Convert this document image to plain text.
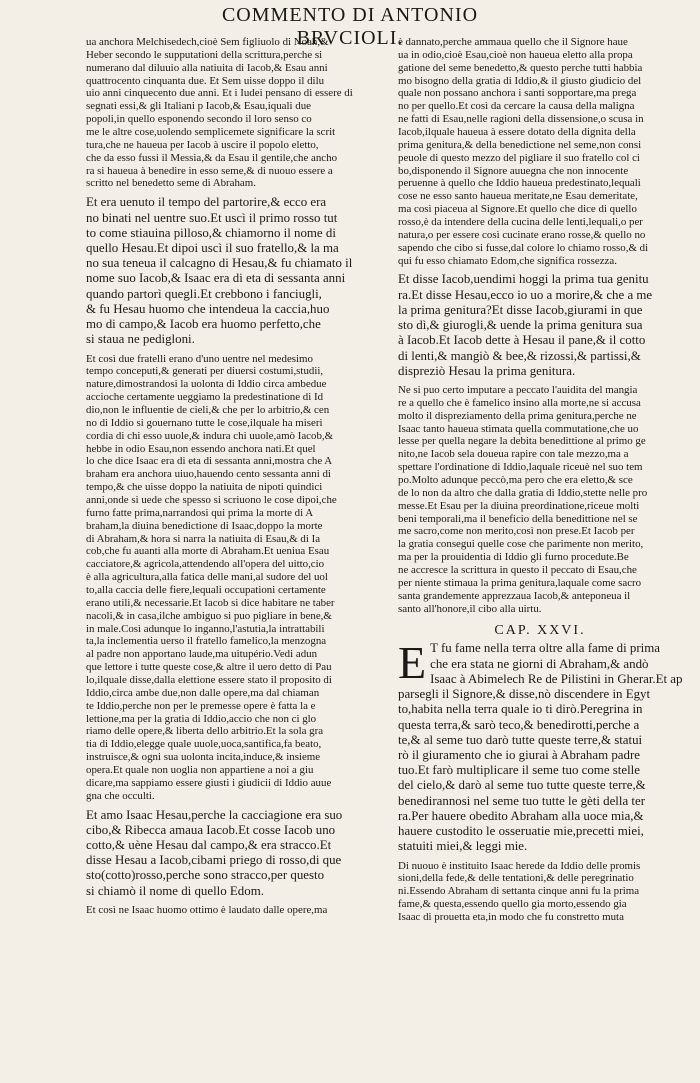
COMMENTO DI ANTONIO BRVCIOLI.
ua anchora Melchisedech,cioè Sem figliuolo di Noah,&
Heber secondo le supputationi della scrittura,perche si
numerano dal diluuio alla natiuita di Iacob,& Esau anni
quattrocento cinquanta due. Et Sem uisse doppo il dilu
uio anni cinquecento due anni. Et i Iudei pensano di essere di
segnati essi,& gli Italiani p Iacob,& Esau,iquali due
popoli,in quello esponendo secondo il loro senso co
me le altre cose,uolendo semplicemete significare la scrit
tura,che ne haueua per Iacob à uscire il popolo eletto,
che da esso fussi il Messia,& da Esau il gentile,che ancho
ra si haueua à benedire in esso seme,& di nuouo essere a
scritto nel benedetto seme di Abraham.
Et era uenuto il tempo del partorire,& ecco era
no binati nel uentre suo.Et uscì il primo rosso tut
to come stiauina pilloso,& chiamorno il nome di
quello Hesau.Et dipoi uscì il suo fratello,& la ma
no sua teneua il calcagno di Hesau,& fu chiamato il
nome suo Iacob,& Isaac era di eta di sessanta anni
quando partorì quegli.Et crebbono i fanciugli,
& fu Hesau huomo che intendeua la caccia,huo
mo di campo,& Iacob era huomo perfetto,che
si staua ne pedigloni.
Et così due fratelli erano d'uno uentre nel medesimo
tempo conceputi,& generati per diuersi costumi,studii,
nature,dimostrandosi la uolonta di Iddio circa ambedue
accioche certamente ueggiamo la predestinatione di Id
dio,non le influentie de cieli,& che per lo arbitrio,& cen
no di Iddio si gouernano tutte le cose,ilquale ha miseri
cordia di chi esso uuole,& indura chi uuole,amò Iacob,&
hebbe in odio Esau,non essendo anchora nati.Et quel
lo che dice Isaac era di eta di sessanta anni,mostra che A
braham era anchora uiuo,hauendo cento sessanta anni di
tempo,& che uisse doppo la natiuita de nipoti quindici
anni,onde si uede che spesso si scriuono le cose dipoi,che
furno fatte prima,narrandosi qui prima la morte di A
braham,la diuina benedictione di Isaac,doppo la morte
di Abraham,& hora si narra la natiuita di Esau,& di Ia
cob,che fu auanti alla morte di Abraham.Et ueniua Esau
cacciatore,& agricola,attendendo all'opera del uitto,cio
è alla agricultura,alla fatica delle mani,al sudore del uol
to,alla caccia delle fiere,lequali occupationi certamente
erano utili,& necessarie.Et Iacob si dice habitare ne taber
nacoli,& in casa,ilche ambiguo si puo pigliare in bene,&
in male.Così adunque lo inganno,l'astutia,la intrattabili
ta,la inclementia uerso il fratello famelico,la menzogna
al padre non apportano laude,ma uitupério.Vedi adun
que lettore i tutte queste cose,& altre il uero detto di Pau
lo,ilquale disse,dalla elettione essere stato il proposito di
Iddio,circa ambe due,non dalle opere,ma dal chiaman
te Iddio,perche non per le premesse opere è fatta la e
lettione,ma per la gratia di Iddio,accio che non ci glo
riamo delle opere,& liberta dello arbitrio.Et la sola gra
tia di Iddio,elegge quale uuole,uoca,santifica,fa beato,
instruisce,& ogni sua uolonta incita,induce,& insieme
opera.Et quale non uoglia non appartiene a noi a giu
dicare,ma sappiamo essere giusti i giudicii di Iddio auue
gna che occulti.
Et amo Isaac Hesau,perche la cacciagione era suo
cibo,& Ribecca amaua Iacob.Et cosse Iacob uno
cotto,& uène Hesau dal campo,& era stracco.Et
disse Hesau a Iacob,cibami priego di rosso,di que
sto(cotto)rosso,perche sono stracco,per questo
si chiamò il nome di quello Edom.
Et così ne Isaac huomo ottimo è laudato dalle opere,ma
è dannato,perche ammaua quello che il Signore haue
ua in odio,cioè Esau,cioè non haueua eletto alla propa
gatione del seme benedetto,& questo perche tutti habbia
mo bisogno della gratia di Iddio,& il giusto giudicio del
quale non possano anchora i santi sopportare,ma prega
no per quello.Et così da cercare la causa della maligna
ne fatti di Esau,nelle ragioni della dissensione,o scusa in
Iacob,ilquale haueua à essere dotato della dignita della
prima genitura,& della benedictione nel seme,non consi
peuole di questo mezzo del pigliare il suo fratello col ci
bo,disponendo il Signore auuegna che non innocente
peruenne à quello che Iddio haueua predestinato,lequali
cose ne esso santo haueua meritate,ne Esau demeritate,
ma così piaceua al Signore.Et quello che dice di quello
rosso,è da intendere della cucina delle lenti,lequali,o per
natura,o per essere così cucinate erano rosse,& quello no
sapendo che cibo si fusse,dal colore lo chiamo rosso,& di
qui fu esso chiamato Edom,che significa rossezza.
Et disse Iacob,uendimi hoggi la prima tua genitu
ra.Et disse Hesau,ecco io uo a morire,& che a me
la prima genitura?Et disse Iacob,giurami in que
sto dì,& giurogli,& uende la prima genitura sua
à Iacob.Et Iacob dette à Hesau il pane,& il cotto
di lenti,& mangiò & bee,& rizossi,& partissi,&
dispreziò Hesau la prima genitura.
Ne si puo certo imputare a peccato l'auidita del mangia
re a quello che è famelico insino alla morte,ne si accusa
molto il dispreziamento della prima genitura,perche ne
Isaac tanto haueua stimata quella commutatione,che uo
lesse per quella negare la debita benedittione al primo ge
nito,ne Iacob sela doueua rapire con tale mezzo,ma a
spettare l'ordinatione di Iddio,laquale riceuè nel suo tem
po.Molto adunque peccò,ma pero che era eletto,& sce
de lo non da altro che dalla gratia di Iddio,stette nelle pro
messe.Et Esau per la diuina preordinatione,riceue molti
beni temporali,ma il beneficio della benedittione nel se
me sacro,come non merito,così non prese.Et Iacob per
la gratia consegui quelle cose che parimente non merito,
ma per la prouidentia di Iddio gli furno procedute.Be
ne accresce la scrittura in questo il peccato di Esau,che
per niente stimaua la prima genitura,laquale come sacro
santa grandemente apprezzaua Iacob,& anteponeua il
santo all'honore,il cibo alla uirtu.
CAP. XXVI.
E T fu fame nella terra oltre alla fame di prima
che era stata ne giorni di Abraham,& andò
Isaac à Abimelech Re de Pilistini in Gherar.Et ap
parsegli il Signore,& disse,nò discendere in Egyt
to,habita nella terra quale io ti dirò.Peregrina in
questa terra,& sarò teco,& benedirotti,perche a
te,& al seme tuo darò tutte queste terre,& statui
rò il giuramento che io giurai à Abraham padre
tuo.Et farò multiplicare il seme tuo come stelle
del cielo,& darò al seme tuo tutte queste terre,&
benedirannosi nel seme tuo tutte le gèti della ter
ra.Per hauere obedito Abraham alla uoce mia,&
hauere custodito le osseruatie mie,precetti miei,
statuiti miei,& leggi mie.
Di nuouo è instituito Isaac herede da Iddio delle promis
sioni,della fede,& delle tentationi,& delle peregrinatio
ni.Essendo Abraham di settanta cinque anni fu la prima
fame,& questa,essendo quello gia morto,essendo gia
Isaac di prouetta eta,in modo che fu constretto muta
